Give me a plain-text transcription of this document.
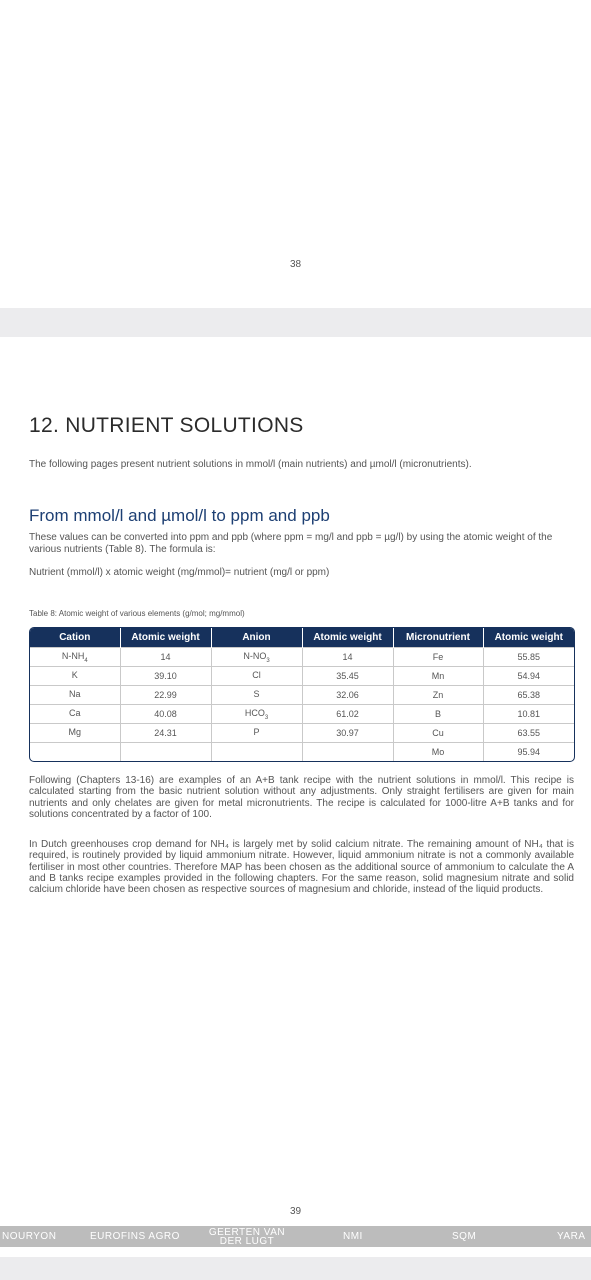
38
12. NUTRIENT SOLUTIONS
The following pages present nutrient solutions in mmol/l (main nutrients) and µmol/l (micronutrients).
From mmol/l and µmol/l to ppm and ppb
These values can be converted into ppm and ppb (where ppm = mg/l and ppb = µg/l) by using the atomic weight of the various nutrients (Table 8). The formula is:
Nutrient (mmol/l) x atomic weight (mg/mmol)= nutrient (mg/l or ppm)
Table 8: Atomic weight of various elements (g/mol; mg/mmol)
Cation	Atomic weight	Anion	Atomic weight	Micronutrient	Atomic weight
$N-NH_4$	14	$N-NO_3$	14	Fe	55.85
K	39.10	Cl	35.45	Mn	54.94
Na	22.99	S	32.06	Zn	65.38
Ca	40.08	$HCO_3$	61.02	B	10.81
Mg	24.31	P	30.97	Cu	63.55
				Mo	95.94
Following (Chapters 13-16) are examples of an A+B tank recipe with the nutrient solutions in mmol/l. This recipe is calculated starting from the basic nutrient solution without any adjustments. Only straight fertilisers are given for main nutrients and only chelates are given for metal micronutrients. The recipe is calculated for 1000-litre A+B tanks and for solutions concentrated by a factor of 100.
In Dutch greenhouses crop demand for NH₄ is largely met by solid calcium nitrate. The remaining amount of NH₄ that is required, is routinely provided by liquid ammonium nitrate. However, liquid ammonium nitrate is not a commonly available fertiliser in most other countries. Therefore MAP has been chosen as the additional source of ammonium to calculate the A and B tanks recipe examples provided in the following chapters. For the same reason, solid magnesium nitrate and solid calcium chloride have been chosen as respective sources of magnesium and chloride, instead of the liquid products.
39
NOURYON	EUROFINS AGRO	GEERTEN VAN
DER LUGT	NMI	SQM	YARA
